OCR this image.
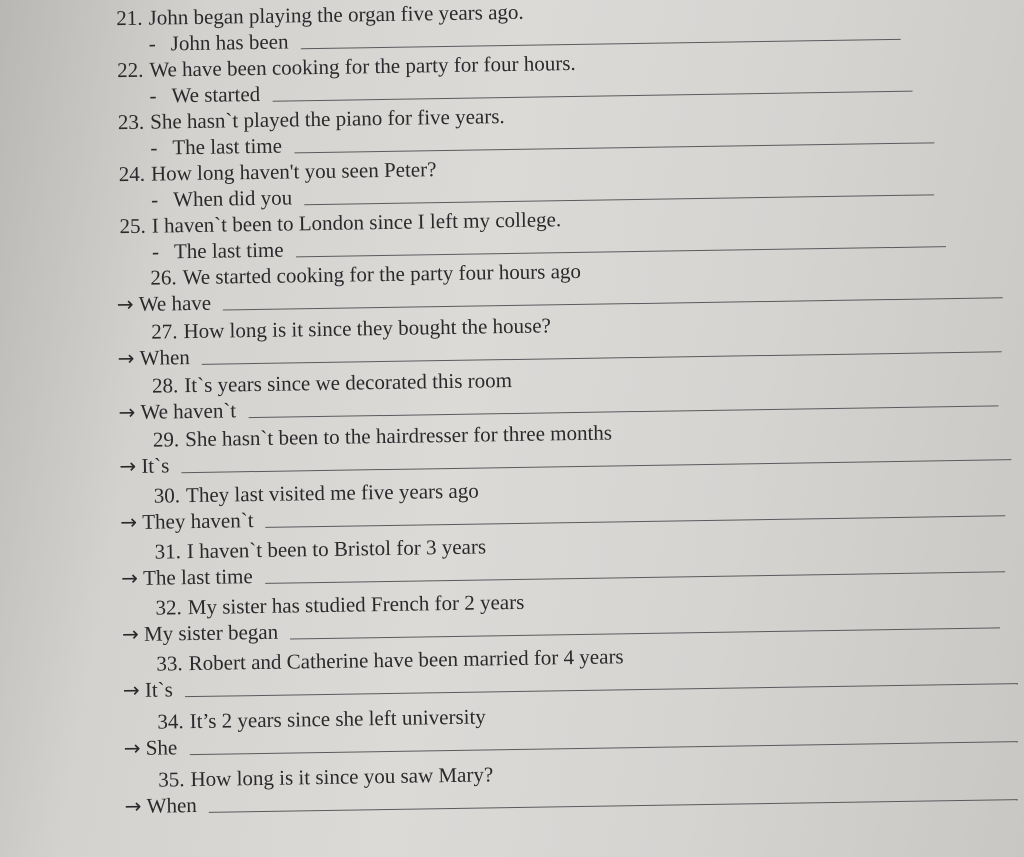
21. John began playing the organ five years ago.
- John has been
22. We have been cooking for the party for four hours.
- We started
23. She hasn`t played the piano for five years.
- The last time
24. How long haven't you seen Peter?
- When did you
25. I haven`t been to London since I left my college.
- The last time
26. We started cooking for the party four hours ago
→ We have
27. How long is it since they bought the house?
→ When
28. It`s years since we decorated this room
→ We haven`t
29. She hasn`t been to the hairdresser for three months
→ It`s
30. They last visited me five years ago
→ They haven`t
31. I haven`t been to Bristol for 3 years
→ The last time
32. My sister has studied French for 2 years
→ My sister began
33. Robert and Catherine have been married for 4 years
→ It`s
34. It’s 2 years since she left university
→ She
35. How long is it since you saw Mary?
→ When
